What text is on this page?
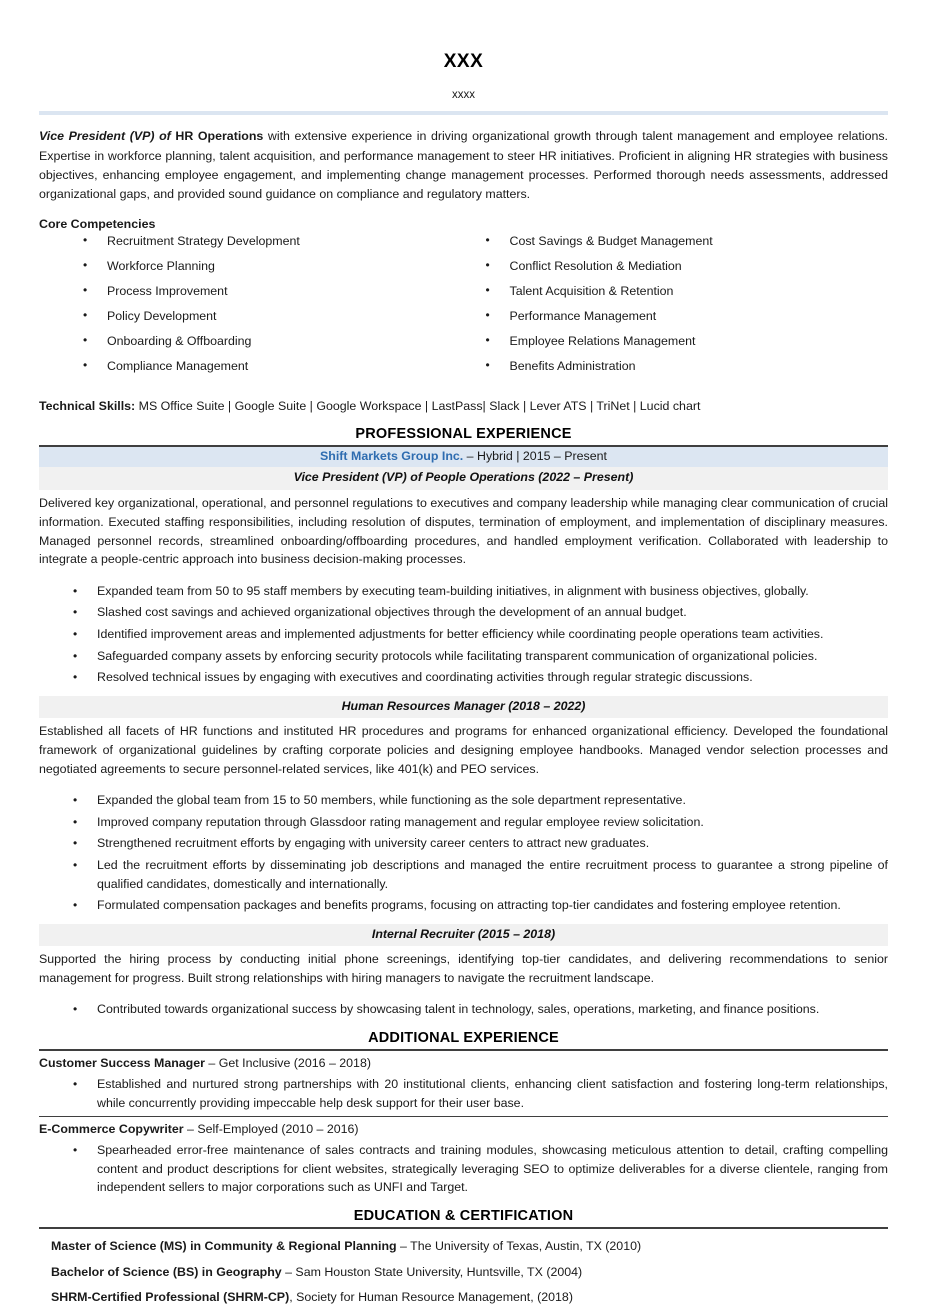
XXX
xxxx

Vice President (VP) of HR Operations with extensive experience in driving organizational growth through talent management and employee relations. Expertise in workforce planning, talent acquisition, and performance management to steer HR initiatives. Proficient in aligning HR strategies with business objectives, enhancing employee engagement, and implementing change management processes. Performed thorough needs assessments, addressed organizational gaps, and provided sound guidance on compliance and regulatory matters.

Core Competencies
• Recruitment Strategy Development
• Workforce Planning
• Process Improvement
• Policy Development
• Onboarding & Offboarding
• Compliance Management
• Cost Savings & Budget Management
• Conflict Resolution & Mediation
• Talent Acquisition & Retention
• Performance Management
• Employee Relations Management
• Benefits Administration
Technical Skills: MS Office Suite | Google Suite | Google Workspace | LastPass| Slack | Lever ATS | TriNet | Lucid chart
PROFESSIONAL EXPERIENCE
Shift Markets Group Inc. – Hybrid | 2015 – Present
Vice President (VP) of People Operations (2022 – Present)

Delivered key organizational, operational, and personnel regulations to executives and company leadership while managing clear communication of crucial information. Executed staffing responsibilities, including resolution of disputes, termination of employment, and implementation of disciplinary measures. Managed personnel records, streamlined onboarding/offboarding procedures, and handled employment verification. Collaborated with leadership to integrate a people-centric approach into business decision-making processes.

• Expanded team from 50 to 95 staff members by executing team-building initiatives, in alignment with business objectives, globally.
• Slashed cost savings and achieved organizational objectives through the development of an annual budget.
• Identified improvement areas and implemented adjustments for better efficiency while coordinating people operations team activities.
• Safeguarded company assets by enforcing security protocols while facilitating transparent communication of organizational policies.
• Resolved technical issues by engaging with executives and coordinating activities through regular strategic discussions.
Human Resources Manager (2018 – 2022)

Established all facets of HR functions and instituted HR procedures and programs for enhanced organizational efficiency. Developed the foundational framework of organizational guidelines by crafting corporate policies and designing employee handbooks. Managed vendor selection processes and negotiated agreements to secure personnel-related services, like 401(k) and PEO services.

• Expanded the global team from 15 to 50 members, while functioning as the sole department representative.
• Improved company reputation through Glassdoor rating management and regular employee review solicitation.
• Strengthened recruitment efforts by engaging with university career centers to attract new graduates.
• Led the recruitment efforts by disseminating job descriptions and managed the entire recruitment process to guarantee a strong pipeline of qualified candidates, domestically and internationally.
• Formulated compensation packages and benefits programs, focusing on attracting top-tier candidates and fostering employee retention.
Internal Recruiter (2015 – 2018)

Supported the hiring process by conducting initial phone screenings, identifying top-tier candidates, and delivering recommendations to senior management for progress. Built strong relationships with hiring managers to navigate the recruitment landscape.

• Contributed towards organizational success by showcasing talent in technology, sales, operations, marketing, and finance positions.
ADDITIONAL EXPERIENCE
Customer Success Manager – Get Inclusive (2016 – 2018)
• Established and nurtured strong partnerships with 20 institutional clients, enhancing client satisfaction and fostering long-term relationships, while concurrently providing impeccable help desk support for their user base.
E-Commerce Copywriter – Self-Employed (2010 – 2016)
• Spearheaded error-free maintenance of sales contracts and training modules, showcasing meticulous attention to detail, crafting compelling content and product descriptions for client websites, strategically leveraging SEO to optimize deliverables for a diverse clientele, ranging from independent sellers to major corporations such as UNFI and Target.
EDUCATION & CERTIFICATION
Master of Science (MS) in Community & Regional Planning – The University of Texas, Austin, TX (2010)
Bachelor of Science (BS) in Geography – Sam Houston State University, Huntsville, TX (2004)
SHRM-Certified Professional (SHRM-CP), Society for Human Resource Management, (2018)
